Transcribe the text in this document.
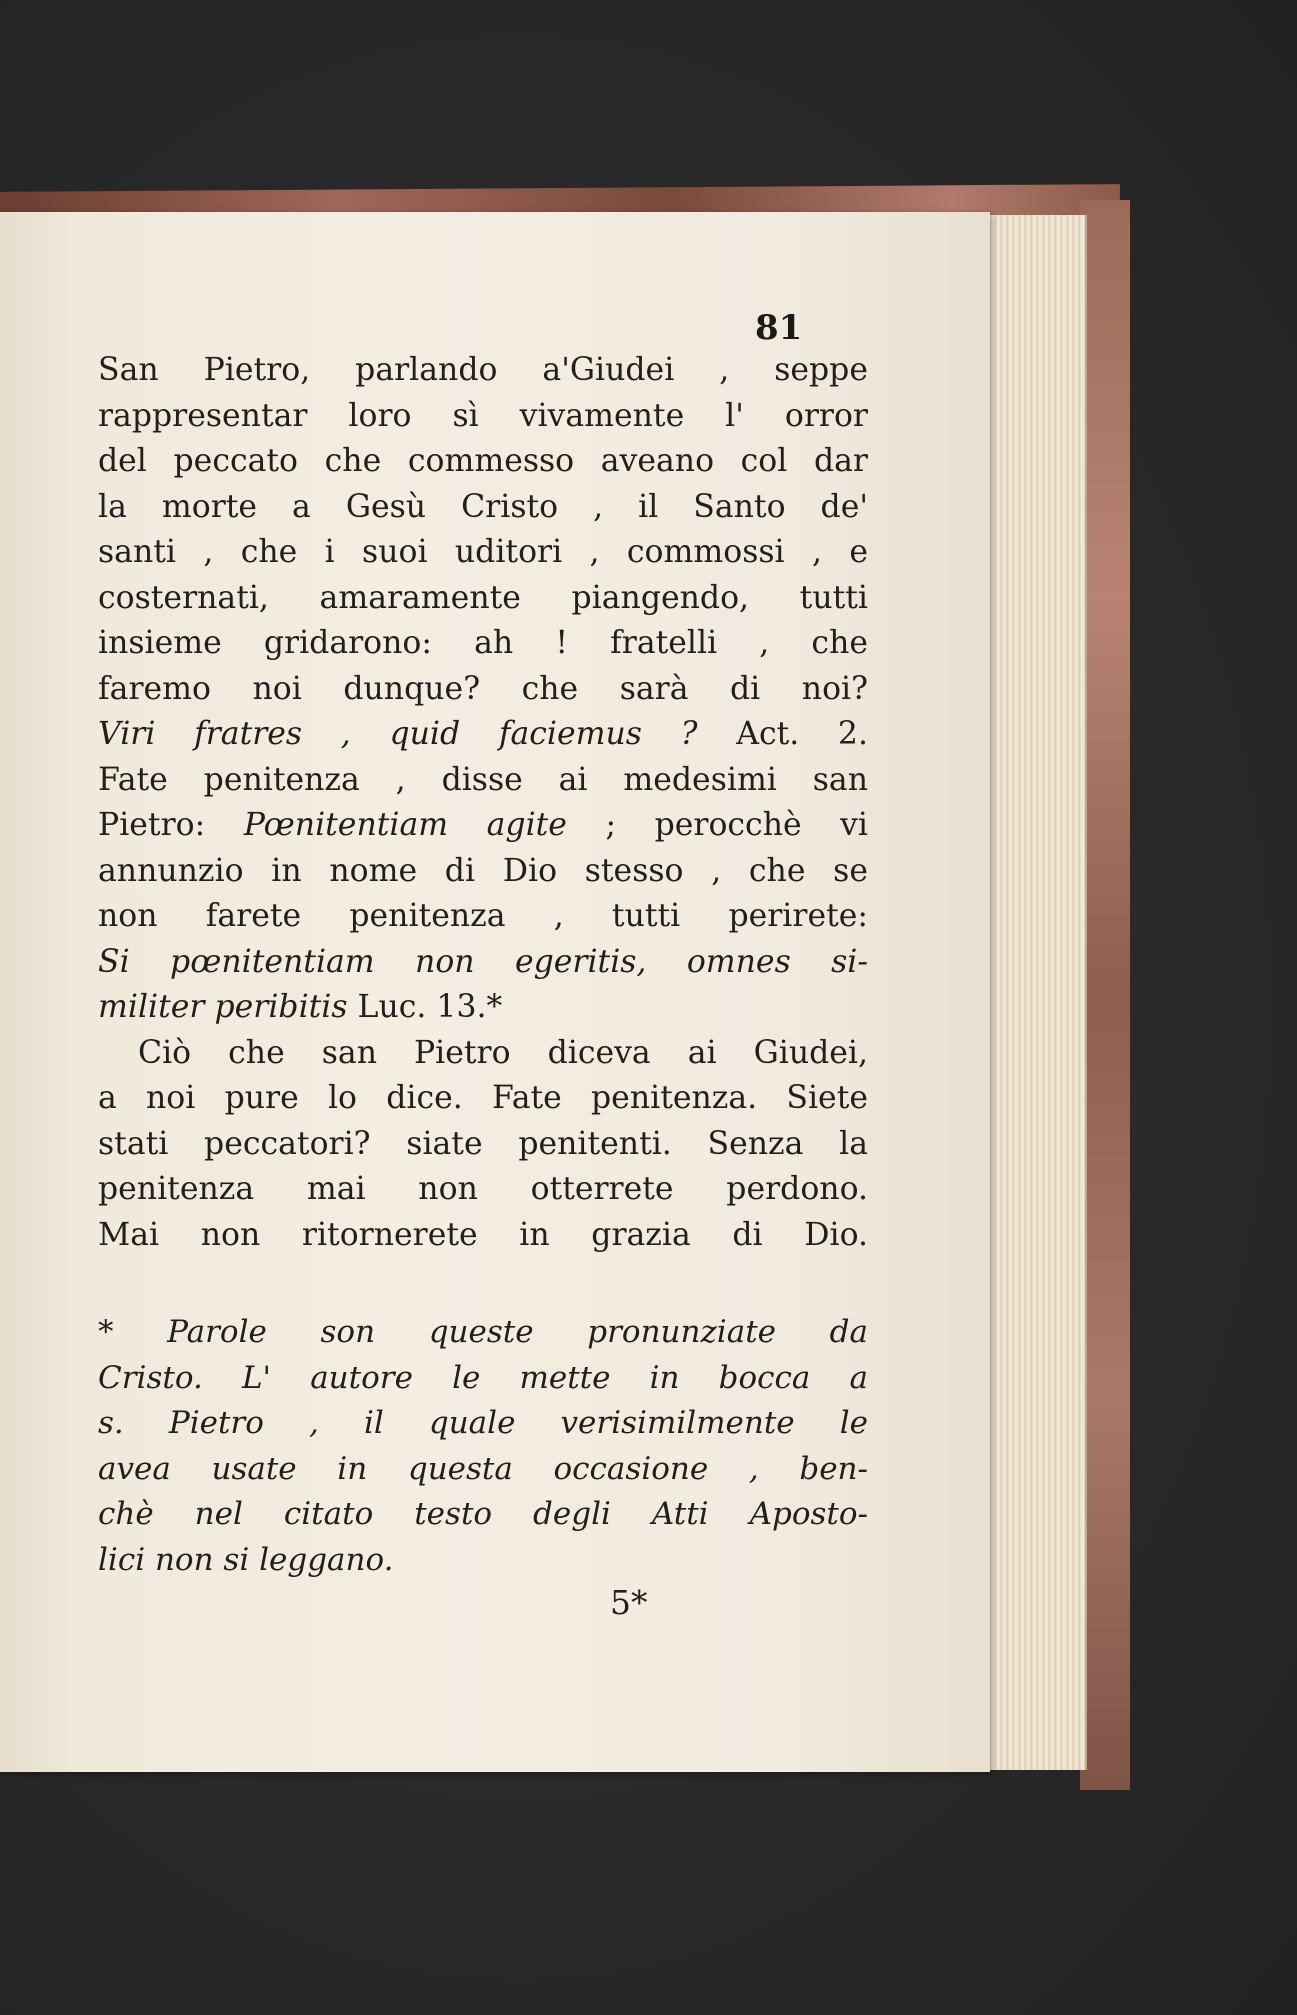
81
San Pietro, parlando a'Giudei , seppe
rappresentar loro sì vivamente l' orror
del peccato che commesso aveano col dar
la morte a Gesù Cristo , il Santo de'
santi , che i suoi uditori , commossi , e
costernati, amaramente piangendo, tutti
insieme gridarono: ah ! fratelli , che
faremo noi dunque? che sarà di noi?
Viri fratres , quid faciemus ? Act. 2.
Fate penitenza , disse ai medesimi san
Pietro: Pœnitentiam agite ; perocchè vi
annunzio in nome di Dio stesso , che se
non farete penitenza , tutti perirete:
Si pœnitentiam non egeritis, omnes si-
militer peribitis Luc. 13.*
Ciò che san Pietro diceva ai Giudei,
a noi pure lo dice. Fate penitenza. Siete
stati peccatori? siate penitenti. Senza la
penitenza mai non otterrete perdono.
Mai non ritornerete in grazia di Dio.
* Parole son queste pronunziate da
Cristo. L' autore le mette in bocca a
s. Pietro , il quale verisimilmente le
avea usate in questa occasione , ben-
chè nel citato testo degli Atti Aposto-
lici non si leggano.
5*
